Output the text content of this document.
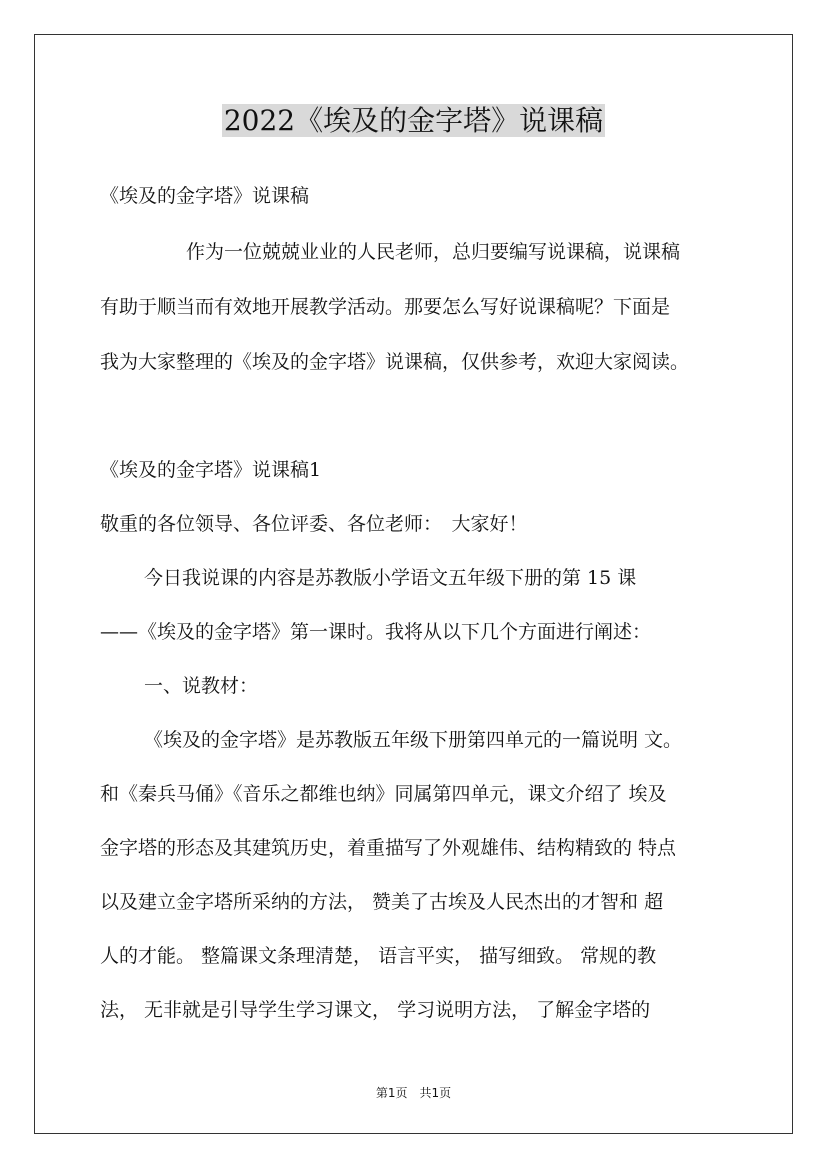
2022《埃及的金字塔》说课稿
《埃及的金字塔》说课稿
作为一位兢兢业业的人民老师，总归要编写说课稿，说课稿
有助于顺当而有效地开展教学活动。那要怎么写好说课稿呢？下面是
我为大家整理的《埃及的金字塔》说课稿，仅供参考，欢迎大家阅读。
《埃及的金字塔》说课稿1
敬重的各位领导、各位评委、各位老师：　大家好！
今日我说课的内容是苏教版小学语文五年级下册的第 15 课
——《埃及的金字塔》第一课时。我将从以下几个方面进行阐述：
一、说教材：
《埃及的金字塔》是苏教版五年级下册第四单元的一篇说明 文。
和《秦兵马俑》《音乐之都维也纳》同属第四单元，课文介绍了 埃及
金字塔的形态及其建筑历史，着重描写了外观雄伟、结构精致的 特点
以及建立金字塔所采纳的方法， 赞美了古埃及人民杰出的才智和 超
人的才能。 整篇课文条理清楚， 语言平实， 描写细致。 常规的教
法， 无非就是引导学生学习课文， 学习说明方法， 了解金字塔的
第1页　共1页
